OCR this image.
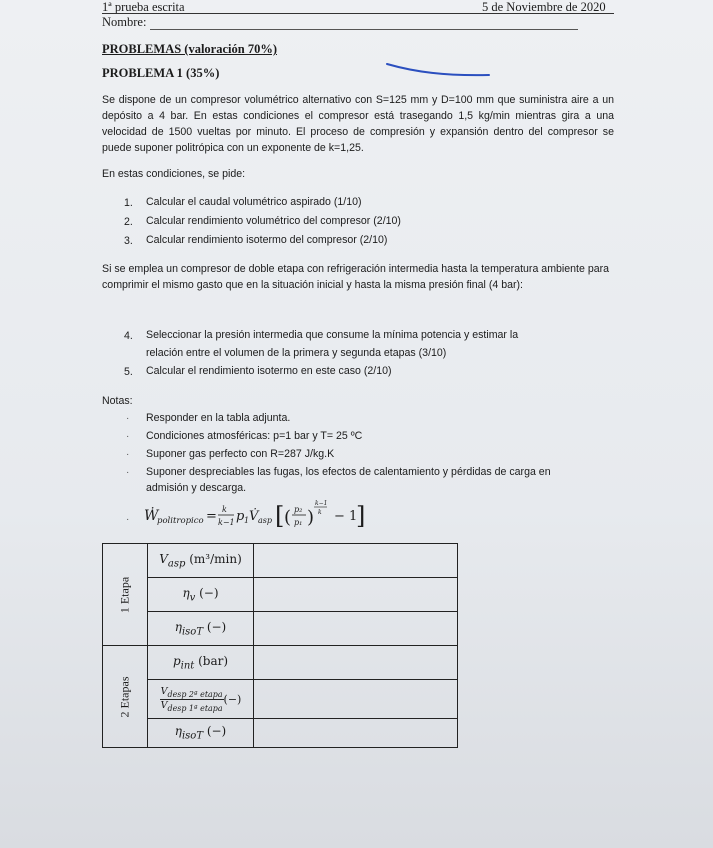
1ª prueba escrita	5 de Noviembre de 2020
Nombre:
PROBLEMAS (valoración 70%)
PROBLEMA 1 (35%)
Se dispone de un compresor volumétrico alternativo con S=125 mm y D=100 mm que suministra aire a un depósito a 4 bar. En estas condiciones el compresor está trasegando 1,5 kg/min mientras gira a una velocidad de 1500 vueltas por minuto. El proceso de compresión y expansión dentro del compresor se puede suponer politrópica con un exponente de k=1,25.
En estas condiciones, se pide:
1. Calcular el caudal volumétrico aspirado (1/10)
2. Calcular rendimiento volumétrico del compresor (2/10)
3. Calcular rendimiento isotermo del compresor (2/10)
Si se emplea un compresor de doble etapa con refrigeración intermedia hasta la temperatura ambiente para comprimir el mismo gasto que en la situación inicial y hasta la misma presión final (4 bar):
4. Seleccionar la presión intermedia que consume la mínima potencia y estimar la
relación entre el volumen de la primera y segunda etapas (3/10)
5. Calcular el rendimiento isotermo en este caso (2/10)
Notas:
· Responder en la tabla adjunta.
· Condiciones atmosféricas: p=1 bar y T= 25 ºC
· Suponer gas perfecto con R=287 J/kg.K
· Suponer despreciables las fugas, los efectos de calentamiento y pérdidas de carga en
admisión y descarga.
· Ẇ
politropico = k
k−1 p 1 V̇ asp [ ( p₂
p₁ )
k−1
k − 1
]
1 Etapa	$V_{asp}$ (m³/min)	
	$\eta_v$ (−)	
	$\eta_{isoT}$ (−)	

2 Etapas	$p_{int}$ (bar)	

	$\frac{V_{desp 2ª etapa}}{V_{desp 1ª etapa}}$ (−)	
	$\eta_{isoT}$ (−)	
